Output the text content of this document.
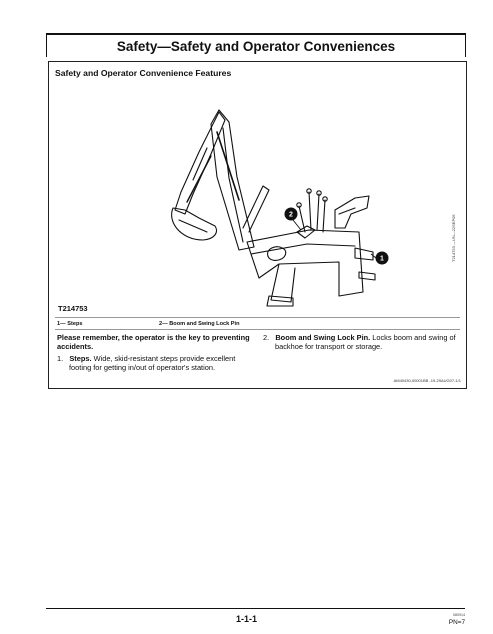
Safety—Safety and Operator Conveniences
Safety and Operator Convenience Features
2
1
T214753
T214753 —UN—22SEP05
1— Steps	2— Boom and Swing Lock Pin

Please remember, the operator is the key to preventing accidents.

1. Steps. Wide, skid-resistant steps provide excellent footing for getting in/out of operator's station.

2. Boom and Swing Lock Pin. Locks boom and swing of backhoe for transport or storage.

AM40430,00001BB -19-29AUG07-1/1
1-1-1	080914
PN=7
